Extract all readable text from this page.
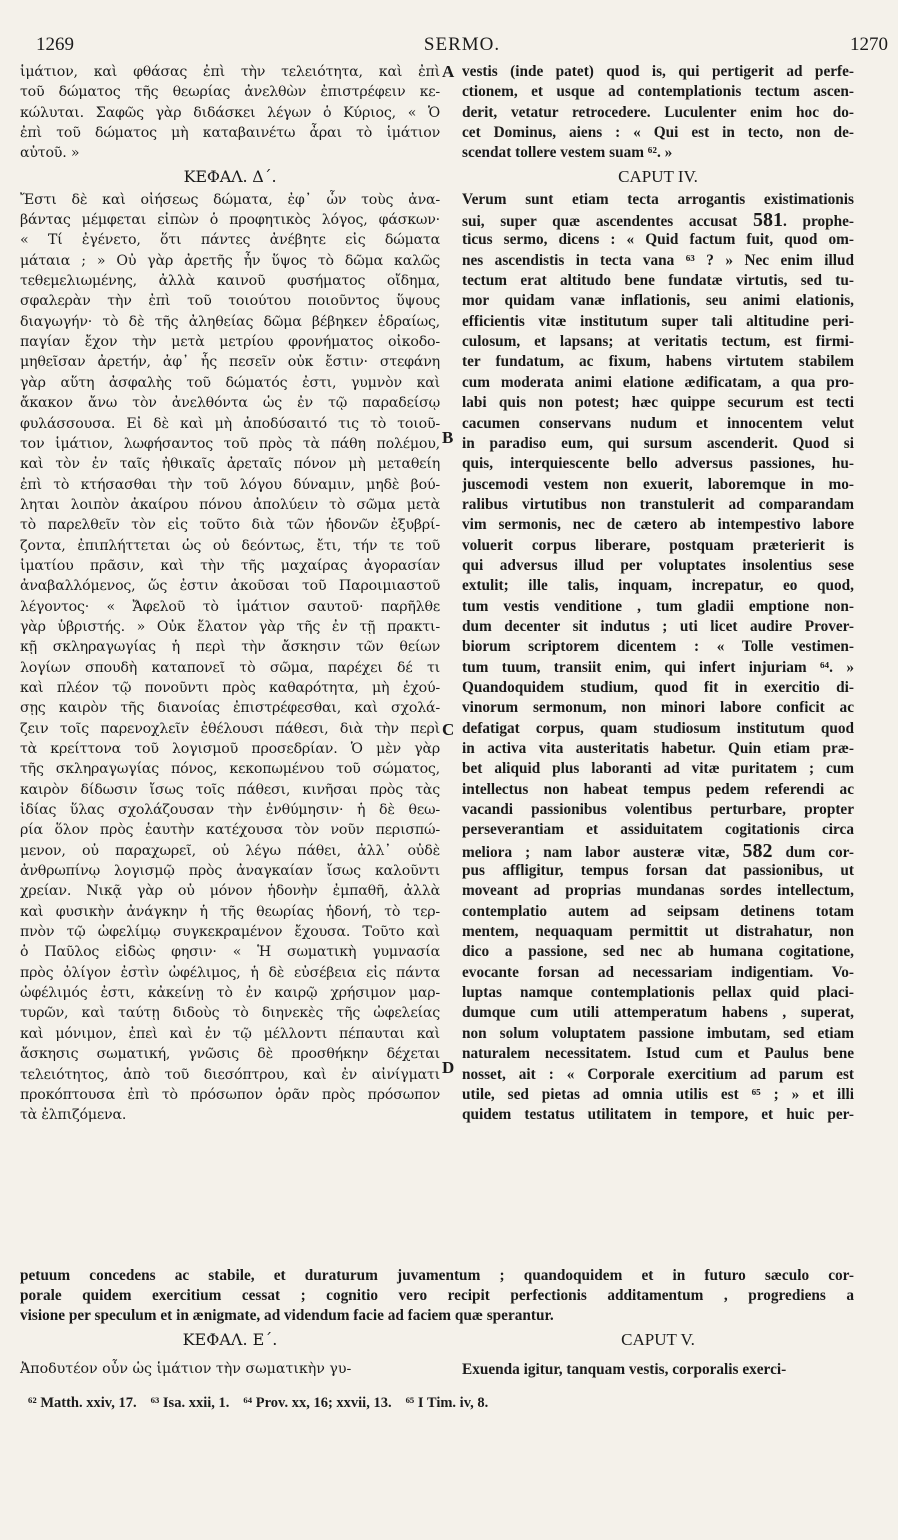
1269	SERMO.	1270
ἱμάτιον, καὶ φθάσας ἐπὶ τὴν τελειότητα, καὶ ἐπὶ
τοῦ δώματος τῆς θεωρίας ἀνελθὼν ἐπιστρέφειν κε-
κώλυται. Σαφῶς γὰρ διδάσκει λέγων ὁ Κύριος, « Ὁ
ἐπὶ τοῦ δώματος μὴ καταβαινέτω ἆραι τὸ ἱμάτιον
αὐτοῦ. »
ΚΕΦΑΛ. Δ΄.
Ἔστι δὲ καὶ οἰήσεως δώματα, ἐφ᾽ ὧν τοὺς ἀνα-
βάντας μέμφεται εἰπὼν ὁ προφητικὸς λόγος, φάσκων·
« Τί ἐγένετο, ὅτι πάντες ἀνέβητε εἰς δώματα
μάταια ; » Οὐ γὰρ ἀρετῆς ἦν ὕψος τὸ δῶμα καλῶς
τεθεμελιωμένης, ἀλλὰ καινοῦ φυσήματος οἴδημα,
σφαλερὰν τὴν ἐπὶ τοῦ τοιούτου ποιοῦντος ὕψους
διαγωγήν· τὸ δὲ τῆς ἀληθείας δῶμα βέβηκεν ἑδραίως,
παγίαν ἔχον τὴν μετὰ μετρίου φρονήματος οἰκοδο-
μηθεῖσαν ἀρετήν, ἀφ᾽ ἧς πεσεῖν οὐκ ἔστιν· στεφάνη
γὰρ αὕτη ἀσφαλὴς τοῦ δώματός ἐστι, γυμνὸν καὶ
ἄκακον ἄνω τὸν ἀνελθόντα ὡς ἐν τῷ παραδείσῳ
φυλάσσουσα. Εἰ δὲ καὶ μὴ ἀποδύσαιτό τις τὸ τοιοῦ-
τον ἱμάτιον, λωφήσαντος τοῦ πρὸς τὰ πάθη πολέμου,
καὶ τὸν ἐν ταῖς ἠθικαῖς ἀρεταῖς πόνον μὴ μεταθείη
ἐπὶ τὸ κτήσασθαι τὴν τοῦ λόγου δύναμιν, μηδὲ βού-
ληται λοιπὸν ἀκαίρου πόνου ἀπολύειν τὸ σῶμα μετὰ
τὸ παρελθεῖν τὸν εἰς τοῦτο διὰ τῶν ἡδονῶν ἐξυβρί-
ζοντα, ἐπιπλήττεται ὡς οὐ δεόντως, ἔτι, τήν τε τοῦ
ἱματίου πρᾶσιν, καὶ τὴν τῆς μαχαίρας ἀγορασίαν
ἀναβαλλόμενος, ὥς ἐστιν ἀκοῦσαι τοῦ Παροιμιαστοῦ
λέγοντος· « Ἄφελοῦ τὸ ἱμάτιον σαυτοῦ· παρῆλθε
γὰρ ὑβριστής. » Οὐκ ἔλατον γὰρ τῆς ἐν τῇ πρακτι-
κῇ σκληραγωγίας ἡ περὶ τὴν ἄσκησιν τῶν θείων
λογίων σπουδὴ καταπονεῖ τὸ σῶμα, παρέχει δέ τι
καὶ πλέον τῷ πονοῦντι πρὸς καθαρότητα, μὴ ἐχού-
σῃς καιρὸν τῆς διανοίας ἐπιστρέφεσθαι, καὶ σχολά-
ζειν τοῖς παρενοχλεῖν ἐθέλουσι πάθεσι, διὰ τὴν περὶ
τὰ κρείττονα τοῦ λογισμοῦ προσεδρίαν. Ὁ μὲν γὰρ
τῆς σκληραγωγίας πόνος, κεκοπωμένου τοῦ σώματος,
καιρὸν δίδωσιν ἴσως τοῖς πάθεσι, κινῆσαι πρὸς τὰς
ἰδίας ὕλας σχολάζουσαν τὴν ἐνθύμησιν· ἡ δὲ θεω-
ρία ὅλον πρὸς ἑαυτὴν κατέχουσα τὸν νοῦν περισπώ-
μενον, οὐ παραχωρεῖ, οὐ λέγω πάθει, ἀλλ᾽ οὐδὲ
ἀνθρωπίνῳ λογισμῷ πρὸς ἀναγκαίαν ἴσως καλοῦντι
χρείαν. Νικᾷ γὰρ οὐ μόνον ἡδονὴν ἐμπαθῆ, ἀλλὰ
καὶ φυσικὴν ἀνάγκην ἡ τῆς θεωρίας ἡδονή, τὸ τερ-
πνὸν τῷ ὠφελίμῳ συγκεκραμένον ἔχουσα. Τοῦτο καὶ
ὁ Παῦλος εἰδὼς φησιν· « Ἡ σωματικὴ γυμνασία
πρὸς ὀλίγον ἐστὶν ὠφέλιμος, ἡ δὲ εὐσέβεια εἰς πάντα
ὠφέλιμός ἐστι, κἀκείνῃ τὸ ἐν καιρῷ χρήσιμον μαρ-
τυρῶν, καὶ ταύτῃ διδοὺς τὸ διηνεκὲς τῆς ὠφελείας
καὶ μόνιμον, ἐπεὶ καὶ ἐν τῷ μέλλοντι πέπαυται καὶ
ἄσκησις σωματική, γνῶσις δὲ προσθήκην δέχεται
τελειότητος, ἀπὸ τοῦ διεσόπτρου, καὶ ἐν αἰνίγματι
προκόπτουσα ἐπὶ τὸ πρόσωπον ὁρᾶν πρὸς πρόσωπον
τὰ ἐλπιζόμενα.
vestis (inde patet) quod is, qui pertigerit ad perfe-
ctionem, et usque ad contemplationis tectum ascen-
derit, vetatur retrocedere. Luculenter enim hoc do-
cet Dominus, aiens : « Qui est in tecto, non de-
scendat tollere vestem suam ⁶². »
CAPUT IV.
Verum sunt etiam tecta arrogantis existimationis
sui, super quæ ascendentes accusat 581. prophe-
ticus sermo, dicens : « Quid factum fuit, quod om-
nes ascendistis in tecta vana ⁶³ ? » Nec enim illud
tectum erat altitudo bene fundatæ virtutis, sed tu-
mor quidam vanæ inflationis, seu animi elationis,
efficientis vitæ institutum super tali altitudine peri-
culosum, et lapsans; at veritatis tectum, est firmi-
ter fundatum, ac fixum, habens virtutem stabilem
cum moderata animi elatione ædificatam, a qua pro-
labi quis non potest; hæc quippe securum est tecti
cacumen conservans nudum et innocentem velut
in paradiso eum, qui sursum ascenderit. Quod si
quis, interquiescente bello adversus passiones, hu-
juscemodi vestem non exuerit, laboremque in mo-
ralibus virtutibus non transtulerit ad comparandam
vim sermonis, nec de cætero ab intempestivo labore
voluerit corpus liberare, postquam præterierit is
qui adversus illud per voluptates insolentius sese
extulit; ille talis, inquam, increpatur, eo quod,
tum vestis venditione , tum gladii emptione non-
dum decenter sit indutus ; uti licet audire Prover-
biorum scriptorem dicentem : « Tolle vestimen-
tum tuum, transiit enim, qui infert injuriam ⁶⁴. »
Quandoquidem studium, quod fit in exercitio di-
vinorum sermonum, non minori labore conficit ac
defatigat corpus, quam studiosum institutum quod
in activa vita austeritatis habetur. Quin etiam præ-
bet aliquid plus laboranti ad vitæ puritatem ; cum
intellectus non habeat tempus pedem referendi ac
vacandi passionibus volentibus perturbare, propter
perseverantiam et assiduitatem cogitationis circa
meliora ; nam labor austeræ vitæ, 582 dum cor-
pus affligitur, tempus forsan dat passionibus, ut
moveant ad proprias mundanas sordes intellectum,
contemplatio autem ad seipsam detinens totam
mentem, nequaquam permittit ut distrahatur, non
dico a passione, sed nec ab humana cogitatione,
evocante forsan ad necessariam indigentiam. Vo-
luptas namque contemplationis pellax quid placi-
dumque cum utili attemperatum habens , superat,
non solum voluptatem passione imbutam, sed etiam
naturalem necessitatem. Istud cum et Paulus bene
nosset, ait : « Corporale exercitium ad parum est
utile, sed pietas ad omnia utilis est ⁶⁵ ; » et illi
quidem testatus utilitatem in tempore, et huic per-
A
B
C
D
petuum concedens ac stabile, et duraturum juvamentum ; quandoquidem et in futuro sæculo cor-
porale quidem exercitium cessat ; cognitio vero recipit perfectionis additamentum , progrediens a
visione per speculum et in ænigmate, ad videndum facie ad faciem quæ sperantur.
ΚΕΦΑΛ. Ε΄.	CAPUT V.
Ἀποδυτέον οὖν ὡς ἱμάτιον τὴν σωματικὴν γυ-	Exuenda igitur, tanquam vestis, corporalis exerci-
⁶² Matth. xxiv, 17. ⁶³ Isa. xxii, 1. ⁶⁴ Prov. xx, 16; xxvii, 13. ⁶⁵ I Tim. iv, 8.
